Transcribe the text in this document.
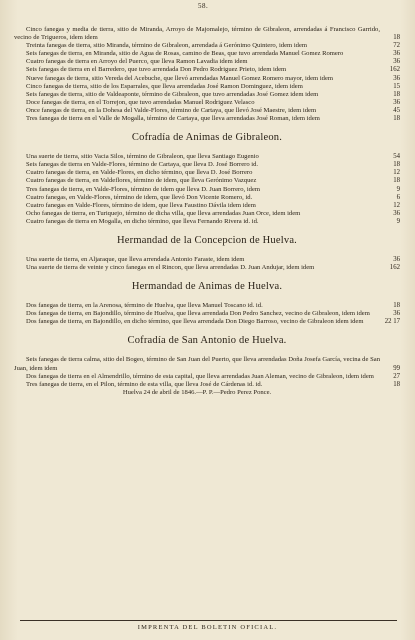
58.
Cinco fanegas y media de tierra, sitio de Miranda, Arroyo de Majomalejo, término de Gibraleon, arrendadas á Francisco Garrido, vecino de Trigueros, idem idem	18
Treinta fanegas de tierra, sitio Miranda, término de Gibraleon, arrendada á Gerónimo Quintero, idem idem	72
Seis fanegas de tierra, en Miranda, sitio de Agua de Rosas, camino de Beas, que tuvo arrendada Manuel Gomez Romero	36
Cuatro fanegas de tierra en Arroyo del Puerco, que lleva Ramon Lavadia idem idem	36
Seis fanegas de tierra en el Barredero, que tuvo arrendada Don Pedro Rodriguez Prieto, idem idem	162
Nueve fanegas de tierra, sitio Vereda del Acebuche, que llevó arrendadas Manuel Gomez Romero mayor, idem idem	36
Cinco fanegas de tierra, sitio de los Esparrales, que lleva arrendadas José Ramon Dominguez, idem idem	15
Seis fanegas de tierra, sitio de Valdeaponte, término de Gibraleon, que tuvo arrendadas José Gomez idem idem	18
Doce fanegas de tierra, en el Torrejon, que tuvo arrendadas Manuel Rodriguez Velasco	36
Once fanegas de tierra, en la Dohesa del Valde-Flores, término de Cartaya, que llevó José Maestre, idem idem	45
Tres fanegas de tierra en el Valle de Mogalla, término de Cartaya, que lleva arrendadas José Roman, idem idem	18
Cofradía de Animas de Gibraleon.
Una suerte de tierra, sitio Vacia Silos, término de Gibraleon, que lleva Santiago Eugenio	54
Seis fanegas de tierra en Valde-Flores, término de Cartaya, que lleva D. José Borrero id.	18
Cuatro fanegas de tierra, en Valde-Flores, en dicho término, que lleva D. José Borrero	12
Cuatro fanegas de tierra, en Valdeflores, término de idem, que lleva Gerónimo Vazquez	18
Tres fanegas de tierra, en Valde-Flores, término de idem que lleva D. Juan Borrero, idem	9
Cuatro fanegas, en Valde-Flores, término de idem, que llevó Don Vicente Romero, id.	6
Cuatro fanegas en Valde-Flores, término de idem, que lleva Faustino Dávila idem idem	12
Ocho fanegas de tierra, en Turiquejo, término de dicha villa, que lleva arrendadas Juan Orce, idem idem	36
Cuatro fanegas de tierra en Mogalla, en dicho término, que lleva Fernando Rivera id. id.	9
Hermandad de la Concepcion de Huelva.
Una suerte de tierra, en Aljaraque, que lleva arrendada Antonio Faraste, idem idem	36
Una suerte de tierra de veinte y cinco fanegas en el Rincon, que lleva arrendadas D. Juan Andujar, idem idem	162
Hermandad de Animas de Huelva.
Dos fanegas de tierra, en la Arenosa, término de Huelva, que lleva Manuel Toscano id. id.	18
Dos fanegas de tierra, en Bajondillo, término de Huelva, que lleva arrendada Don Pedro Sanchez, vecino de Gibraleon, idem idem	36
Dos fanegas de tierra, en Bajondillo, en dicho término, que lleva arrendada Don Diego Barroso, vecino de Gibraleon idem idem	22 17
Cofradía de San Antonio de Huelva.
Seis fanegas de tierra calma, sitio del Bogeo, término de San Juan del Puerto, que lleva arrendadas Doña Josefa García, vecina de San Juan, idem idem	99
Dos fanegas de tierra en el Almendrillo, término de esta capital, que lleva arrendadas Juan Aleman, vecino de Gibraleon, idem idem	27
Tres fanegas de tierra, en el Pilon, término de esta villa, que lleva José de Cárdenas id. id.	18
Huelva 24 de abril de 1846.—P. P.—Pedro Perez Ponce.
IMPRENTA DEL BOLETIN OFICIAL.
